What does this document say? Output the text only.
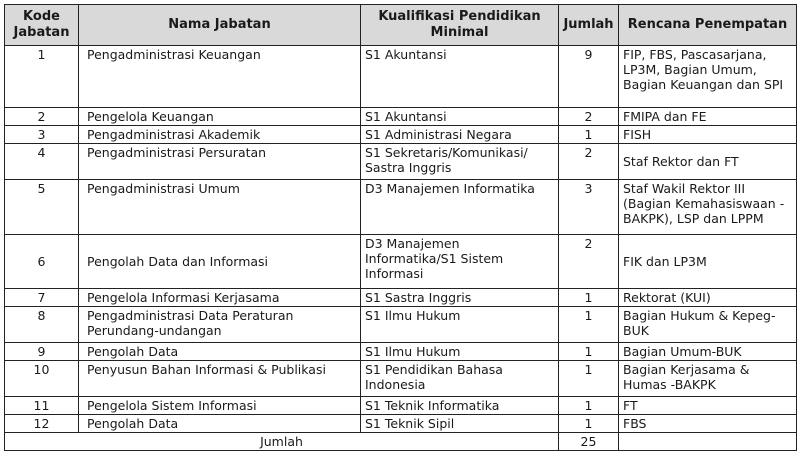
Kode Jabatan	Nama Jabatan	Kualifikasi Pendidikan Minimal	Jumlah	Rencana Penempatan
1	Pengadministrasi Keuangan	S1 Akuntansi	9	FIP, FBS, Pascasarjana, LP3M, Bagian Umum, Bagian Keuangan dan SPI
2	Pengelola Keuangan	S1 Akuntansi	2	FMIPA dan FE
3	Pengadministrasi Akademik	S1 Administrasi Negara	1	FISH
4	Pengadministrasi Persuratan	S1 Sekretaris/Komunikasi/ Sastra Inggris	2	Staf Rektor dan FT
5	Pengadministrasi Umum	D3 Manajemen Informatika	3	Staf Wakil Rektor III (Bagian Kemahasiswaan - BAKPK), LSP dan LPPM
6	Pengolah Data dan Informasi	D3 Manajemen Informatika/S1 Sistem Informasi	2	FIK dan LP3M
7	Pengelola Informasi Kerjasama	S1 Sastra Inggris	1	Rektorat (KUI)
8	Pengadministrasi Data Peraturan Perundang-undangan	S1 Ilmu Hukum	1	Bagian Hukum & Kepeg- BUK
9	Pengolah Data	S1 Ilmu Hukum	1	Bagian Umum-BUK
10	Penyusun Bahan Informasi & Publikasi	S1 Pendidikan Bahasa Indonesia	1	Bagian Kerjasama & Humas -BAKPK
11	Pengelola Sistem Informasi	S1 Teknik Informatika	1	FT
12	Pengolah Data	S1 Teknik Sipil	1	FBS
Jumlah			25	
